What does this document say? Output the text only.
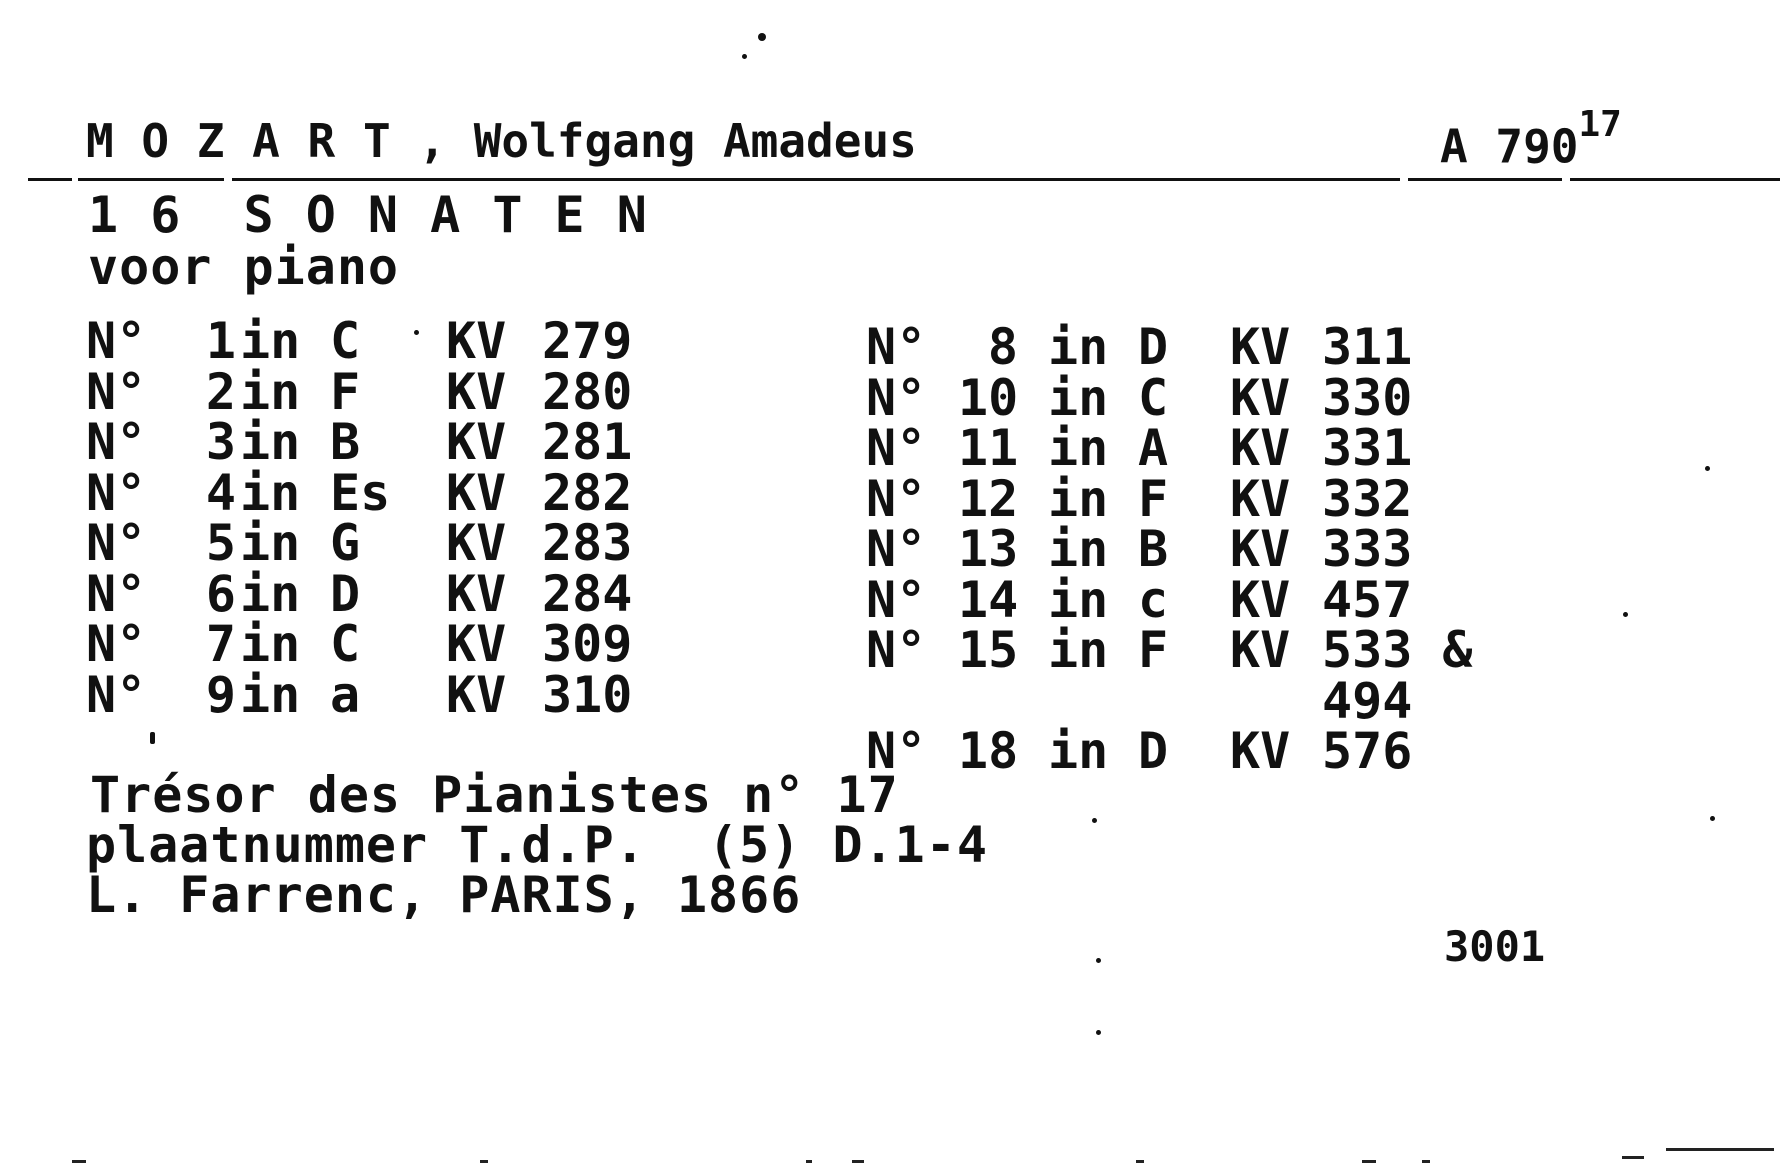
M O Z A R T , Wolfgang Amadeus	A $790^{17}$
1 6  S O N A T E N
voor piano
N°	1 in C KV 279
N°	2 in F KV 280
N°	3 in B KV 281
N°	4 in Es KV 282
N°	5 in G KV 283
N°	6 in D KV 284
N°	7 in C KV 309
N°	9 in a KV 310
N°	8 in D KV 311
N° 10 in C KV 330
N° 11 in A KV 331
N° 12 in F KV 332
N° 13 in B KV 333
N° 14 in c KV 457
N° 15 in F KV 533 &
494
N° 18 in D KV 576
Trésor des Pianistes n° 17
plaatnummer T.d.P.  (5) D.1-4
L. Farrenc, PARIS, 1866
3001
